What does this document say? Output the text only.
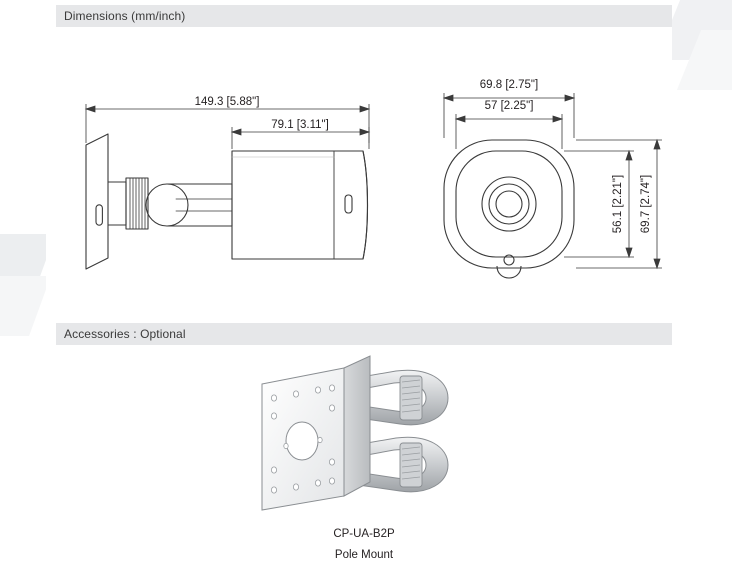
Dimensions (mm/inch)
149.3 [5.88"]
79.1 [3.11"]
69.8 [2.75"]
57 [2.25"]
56.1 [2.21"] 69.7 [2.74"]
Accessories : Optional
CP-UA-B2P
Pole Mount
